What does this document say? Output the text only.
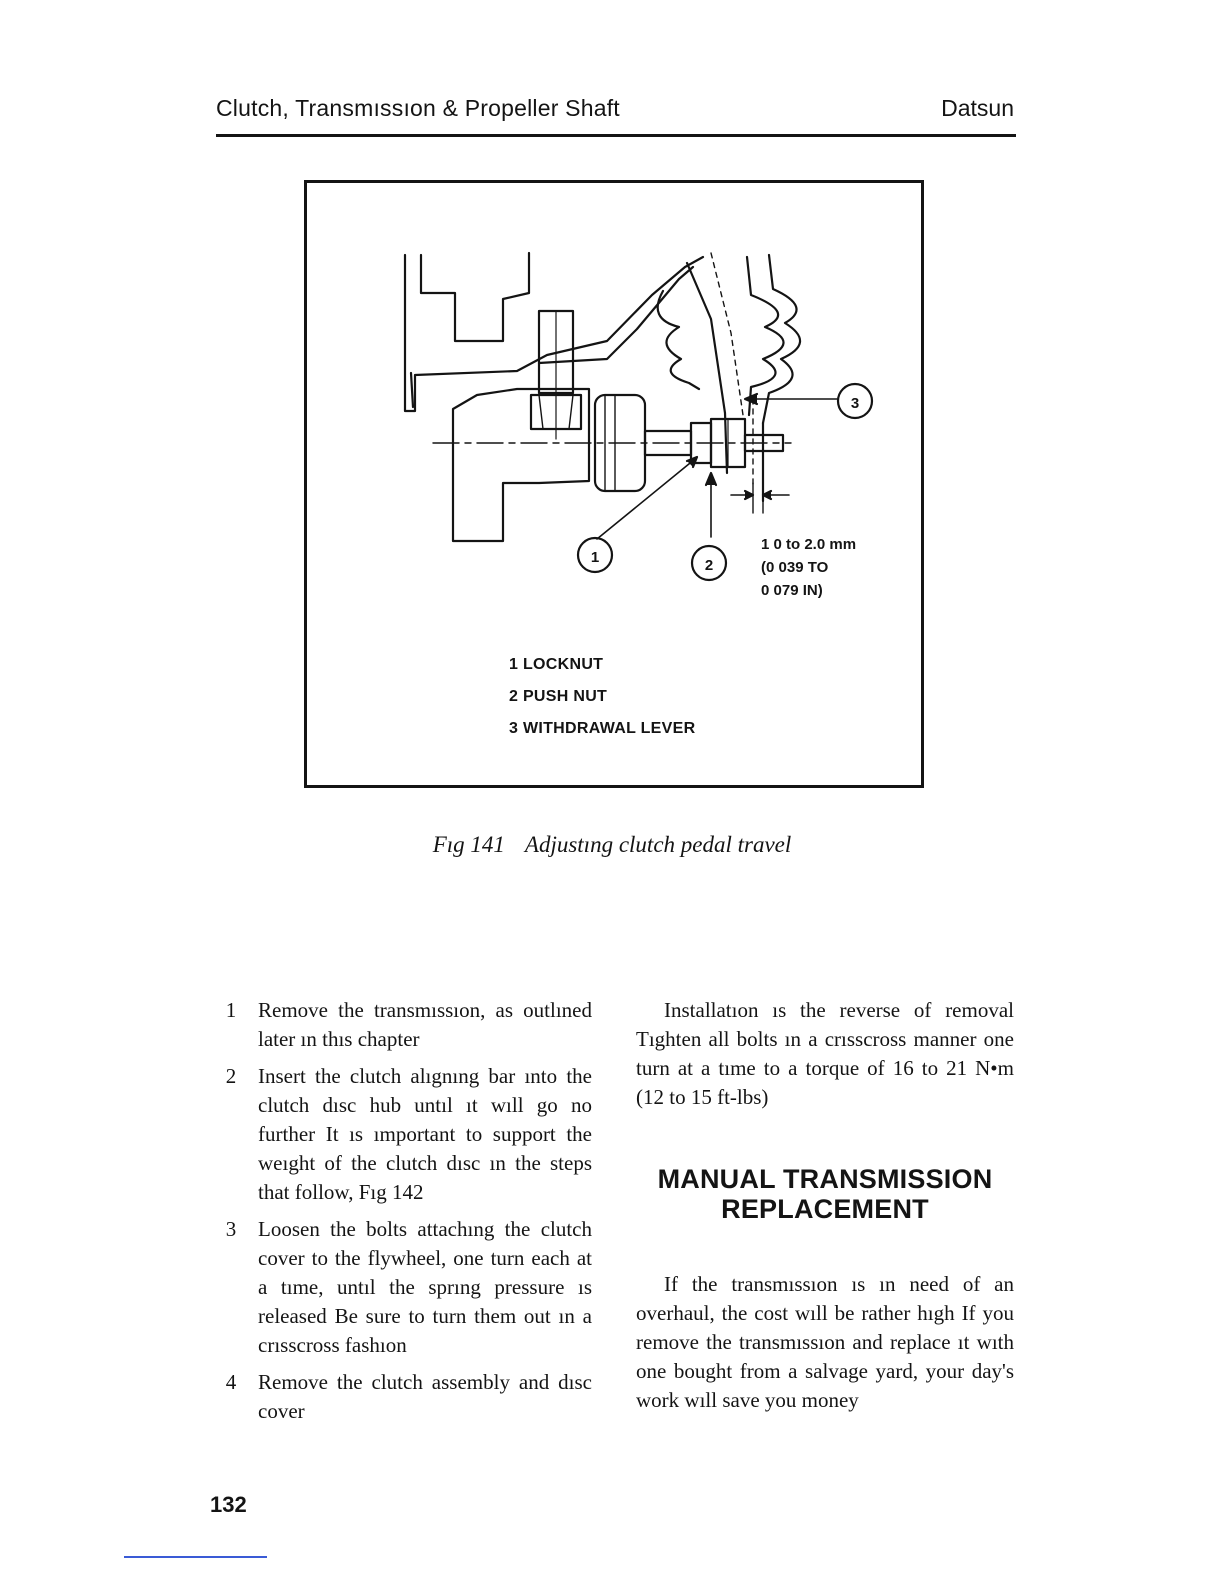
Clutch, Transmıssıon & Propeller Shaft	Datsun
1	2
3
1 0 to 2.0 mm
(0 039 TO
0 079 IN)
1 LOCKNUT
2 PUSH NUT
3 WITHDRAWAL LEVER
Fıg 141 Adjustıng clutch pedal travel
1 Remove the transmıssıon, as outlıned later ın thıs chapter
2 Insert the clutch alıgnıng bar ınto the clutch dısc hub untıl ıt wıll go no further It ıs ımportant to support the weıght of the clutch dısc ın the steps that follow, Fıg 142
3 Loosen the bolts attachıng the clutch cover to the flywheel, one turn each at a tıme, untıl the sprıng pressure ıs released Be sure to turn them out ın a crısscross fashıon
4 Remove the clutch assembly and dısc cover
Installatıon ıs the reverse of removal Tıghten all bolts ın a crısscross manner one turn at a tıme to a torque of 16 to 21 N•m (12 to 15 ft-lbs)
MANUAL TRANSMISSION
REPLACEMENT
If the transmıssıon ıs ın need of an overhaul, the cost wıll be rather hıgh If you remove the transmıssıon and replace ıt wıth one bought from a salvage yard, your day's work wıll save you money
132
